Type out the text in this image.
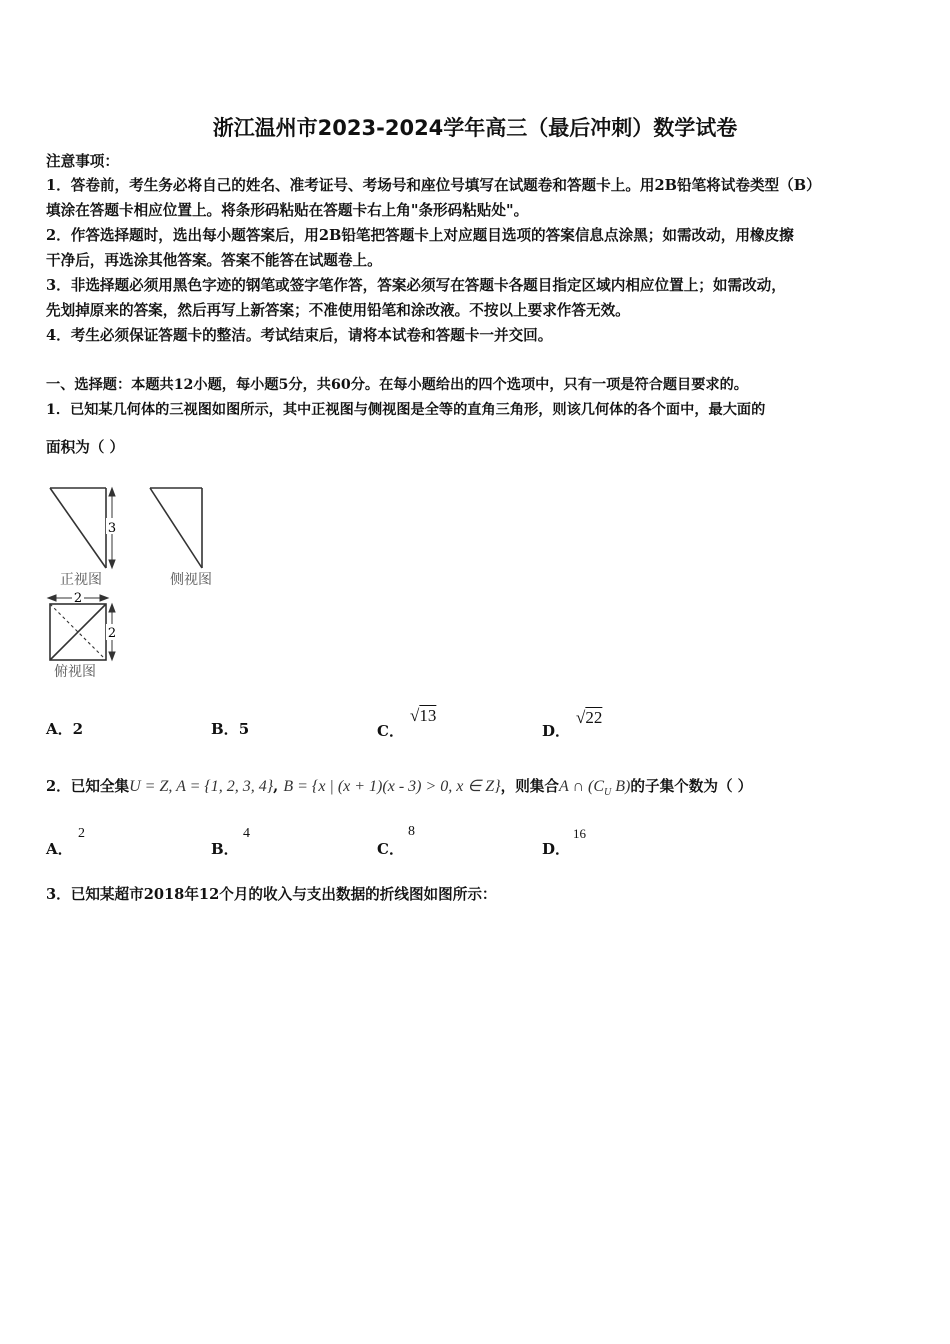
浙江温州市2023-2024学年高三（最后冲刺）数学试卷
注意事项：
1．答卷前，考生务必将自己的姓名、准考证号、考场号和座位号填写在试题卷和答题卡上。用2B铅笔将试卷类型（B）
填涂在答题卡相应位置上。将条形码粘贴在答题卡右上角"条形码粘贴处"。
2．作答选择题时，选出每小题答案后，用2B铅笔把答题卡上对应题目选项的答案信息点涂黑；如需改动，用橡皮擦
干净后，再选涂其他答案。答案不能答在试题卷上。
3．非选择题必须用黑色字迹的钢笔或签字笔作答，答案必须写在答题卡各题目指定区域内相应位置上；如需改动，
先划掉原来的答案，然后再写上新答案；不准使用铅笔和涂改液。不按以上要求作答无效。
4．考生必须保证答题卡的整洁。考试结束后，请将本试卷和答题卡一并交回。
一、选择题：本题共12小题，每小题5分，共60分。在每小题给出的四个选项中，只有一项是符合题目要求的。
1．已知某几何体的三视图如图所示，其中正视图与侧视图是全等的直角三角形，则该几何体的各个面中，最大面的
面积为（ ）
3
正视图	侧视图
2
2
俯视图
A．2	B．5	C．
√13
D．
√22
2．已知全集U = Z, A = {1, 2, 3, 4}, B = {x | (x + 1)(x - 3) > 0, x ∈ Z}，则集合A ∩ ($C_U$ B)的子集个数为（ ）
A．
2
B．
4
C．
8
D．
16
3．已知某超市2018年12个月的收入与支出数据的折线图如图所示：
